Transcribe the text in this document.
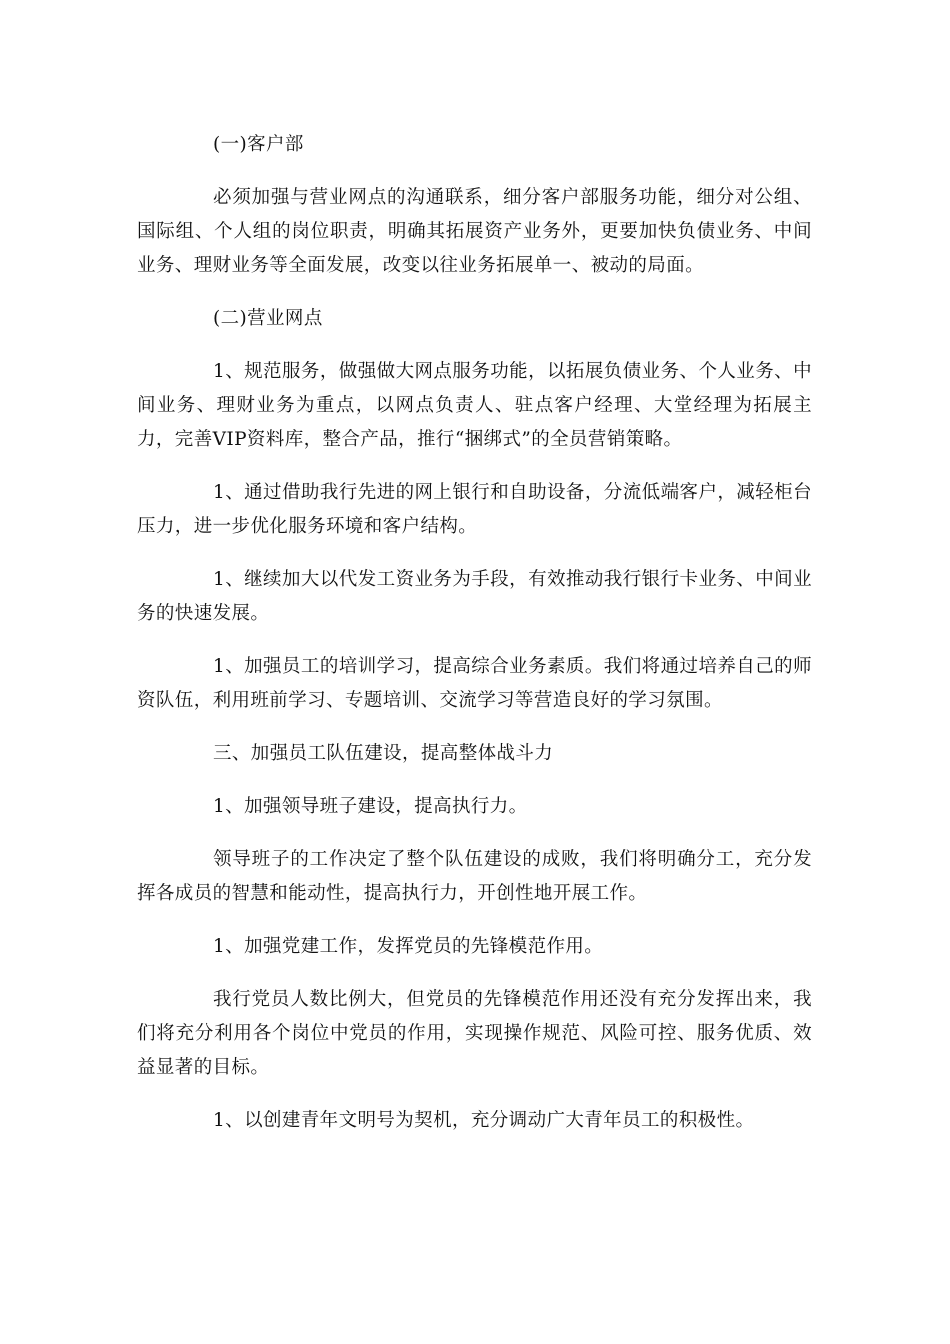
(一)客户部

必须加强与营业网点的沟通联系，细分客户部服务功能，细分对公组、国际组、个人组的岗位职责，明确其拓展资产业务外，更要加快负债业务、中间业务、理财业务等全面发展，改变以往业务拓展单一、被动的局面。

(二)营业网点

1、规范服务，做强做大网点服务功能，以拓展负债业务、个人业务、中间业务、理财业务为重点，以网点负责人、驻点客户经理、大堂经理为拓展主力，完善VIP资料库，整合产品，推行“捆绑式”的全员营销策略。

1、通过借助我行先进的网上银行和自助设备，分流低端客户，减轻柜台压力，进一步优化服务环境和客户结构。

1、继续加大以代发工资业务为手段，有效推动我行银行卡业务、中间业务的快速发展。

1、加强员工的培训学习，提高综合业务素质。我们将通过培养自己的师资队伍，利用班前学习、专题培训、交流学习等营造良好的学习氛围。

三、加强员工队伍建设，提高整体战斗力

1、加强领导班子建设，提高执行力。

领导班子的工作决定了整个队伍建设的成败，我们将明确分工，充分发挥各成员的智慧和能动性，提高执行力，开创性地开展工作。

1、加强党建工作，发挥党员的先锋模范作用。

我行党员人数比例大，但党员的先锋模范作用还没有充分发挥出来，我们将充分利用各个岗位中党员的作用，实现操作规范、风险可控、服务优质、效益显著的目标。

1、以创建青年文明号为契机，充分调动广大青年员工的积极性。
